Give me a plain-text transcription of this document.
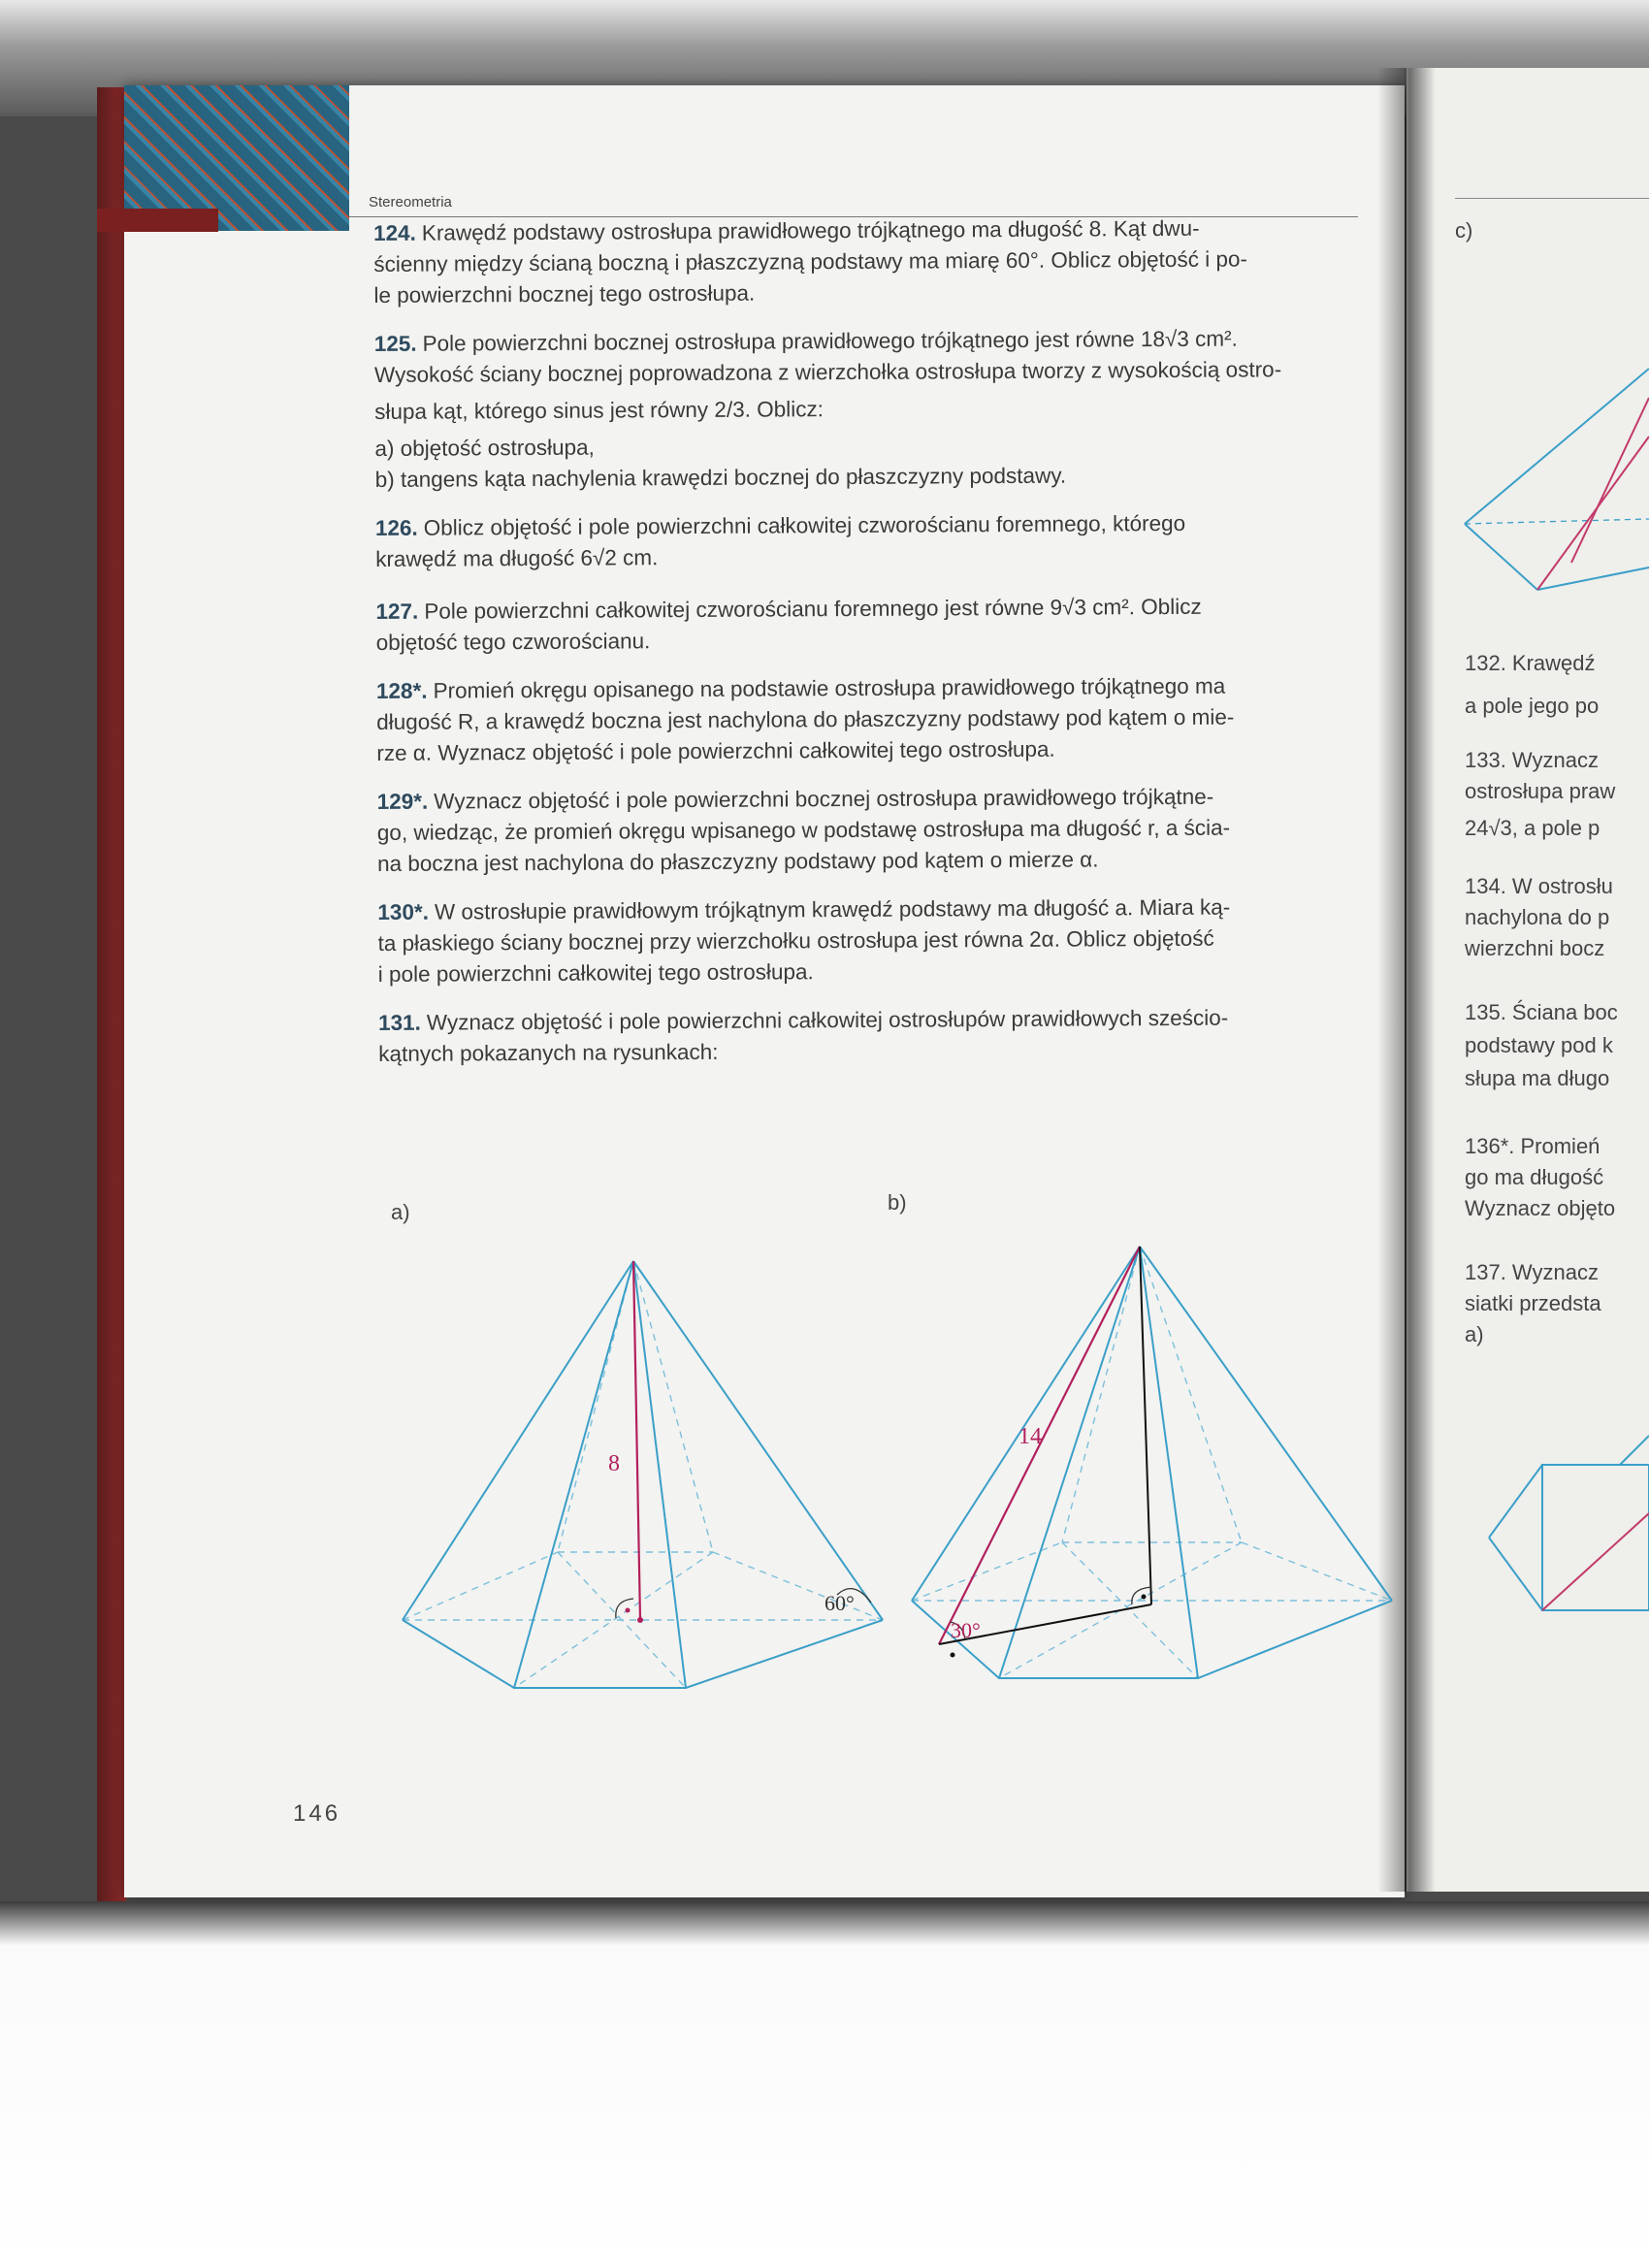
Stereometria
124. Krawędź podstawy ostrosłupa prawidłowego trójkątnego ma długość 8. Kąt dwu-
ścienny między ścianą boczną i płaszczyzną podstawy ma miarę 60°. Oblicz objętość i po-
le powierzchni bocznej tego ostrosłupa.
125. Pole powierzchni bocznej ostrosłupa prawidłowego trójkątnego jest równe 18√3 cm².
Wysokość ściany bocznej poprowadzona z wierzchołka ostrosłupa tworzy z wysokością ostro-
słupa kąt, którego sinus jest równy 2/3. Oblicz:
a) objętość ostrosłupa,
b) tangens kąta nachylenia krawędzi bocznej do płaszczyzny podstawy.
126. Oblicz objętość i pole powierzchni całkowitej czworościanu foremnego, którego
krawędź ma długość 6√2 cm.
127. Pole powierzchni całkowitej czworościanu foremnego jest równe 9√3 cm². Oblicz
objętość tego czworościanu.
128*. Promień okręgu opisanego na podstawie ostrosłupa prawidłowego trójkątnego ma
długość R, a krawędź boczna jest nachylona do płaszczyzny podstawy pod kątem o mie-
rze α. Wyznacz objętość i pole powierzchni całkowitej tego ostrosłupa.
129*. Wyznacz objętość i pole powierzchni bocznej ostrosłupa prawidłowego trójkątne-
go, wiedząc, że promień okręgu wpisanego w podstawę ostrosłupa ma długość r, a ścia-
na boczna jest nachylona do płaszczyzny podstawy pod kątem o mierze α.
130*. W ostrosłupie prawidłowym trójkątnym krawędź podstawy ma długość a. Miara ką-
ta płaskiego ściany bocznej przy wierzchołku ostrosłupa jest równa 2α. Oblicz objętość
i pole powierzchni całkowitej tego ostrosłupa.
131. Wyznacz objętość i pole powierzchni całkowitej ostrosłupów prawidłowych sześcio-
kątnych pokazanych na rysunkach:
a)	b)
8
60°
14
30°
146
c)
132. Krawędź
a pole jego po
133. Wyznacz
ostrosłupa praw
24√3, a pole p
134. W ostrosłu
nachylona do p
wierzchni bocz
135. Ściana boc
podstawy pod k
słupa ma długo
136*. Promień
go ma długość
Wyznacz objęto
137. Wyznacz
siatki przedsta
a)
